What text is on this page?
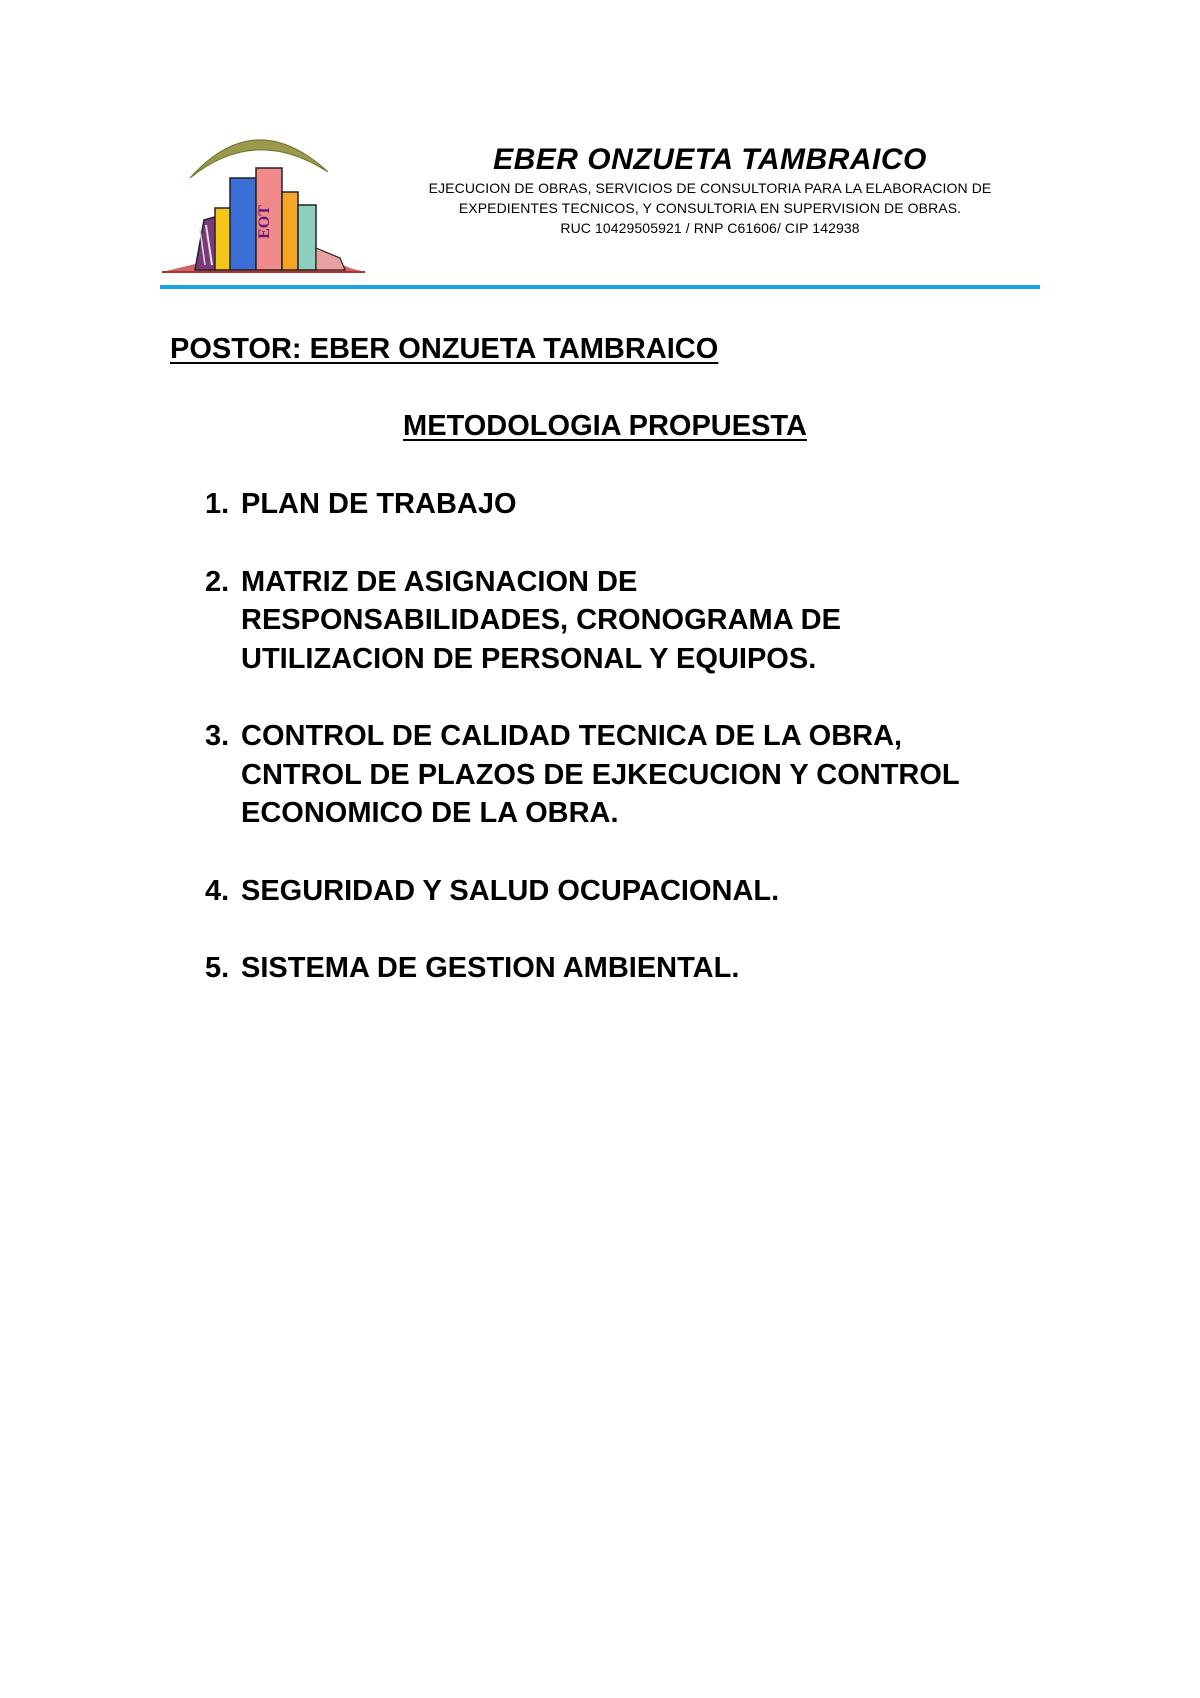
EOT
EBER ONZUETA TAMBRAICO
EJECUCION DE OBRAS, SERVICIOS DE CONSULTORIA PARA LA ELABORACION DE
EXPEDIENTES TECNICOS, Y CONSULTORIA EN SUPERVISION DE OBRAS.
RUC 10429505921 / RNP C61606/ CIP 142938
POSTOR: EBER ONZUETA TAMBRAICO
METODOLOGIA PROPUESTA
1. PLAN DE TRABAJO
2. MATRIZ DE ASIGNACION DE
RESPONSABILIDADES, CRONOGRAMA DE
UTILIZACION DE PERSONAL Y EQUIPOS.
3. CONTROL DE CALIDAD TECNICA DE LA OBRA,
CNTROL DE PLAZOS DE EJKECUCION Y CONTROL
ECONOMICO DE LA OBRA.
4. SEGURIDAD Y SALUD OCUPACIONAL.
5. SISTEMA DE GESTION AMBIENTAL.
